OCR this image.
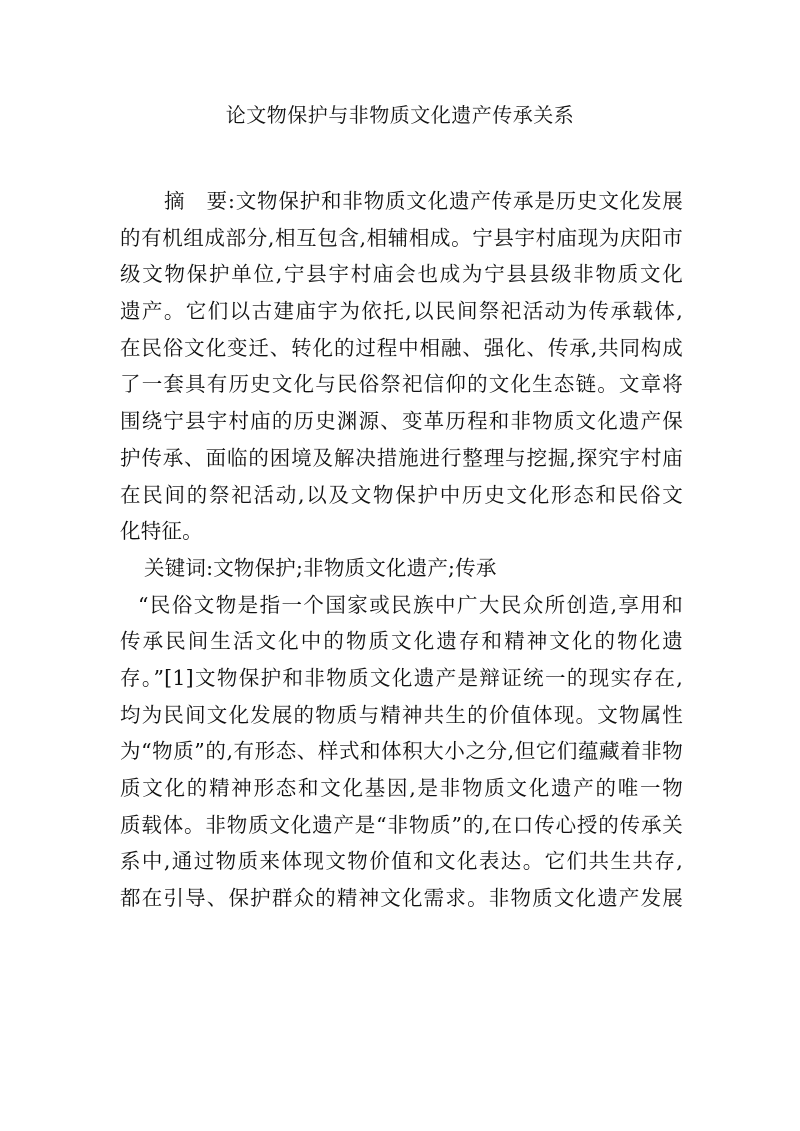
论文物保护与非物质文化遗产传承关系
摘　要:文物保护和非物质文化遗产传承是历史文化发展
的有机组成部分,相互包含,相辅相成。宁县宇村庙现为庆阳市
级文物保护单位,宁县宇村庙会也成为宁县县级非物质文化
遗产。它们以古建庙宇为依托,以民间祭祀活动为传承载体,
在民俗文化变迁、转化的过程中相融、强化、传承,共同构成
了一套具有历史文化与民俗祭祀信仰的文化生态链。文章将
围绕宁县宇村庙的历史渊源、变革历程和非物质文化遗产保
护传承、面临的困境及解决措施进行整理与挖掘,探究宇村庙
在民间的祭祀活动,以及文物保护中历史文化形态和民俗文
化特征。
关键词:文物保护;非物质文化遗产;传承
“民俗文物是指一个国家或民族中广大民众所创造,享用和
传承民间生活文化中的物质文化遗存和精神文化的物化遗
存。”[1]文物保护和非物质文化遗产是辩证统一的现实存在,
均为民间文化发展的物质与精神共生的价值体现。文物属性
为“物质”的,有形态、样式和体积大小之分,但它们蕴藏着非物
质文化的精神形态和文化基因,是非物质文化遗产的唯一物
质载体。非物质文化遗产是“非物质”的,在口传心授的传承关
系中,通过物质来体现文物价值和文化表达。它们共生共存,
都在引导、保护群众的精神文化需求。非物质文化遗产发展
